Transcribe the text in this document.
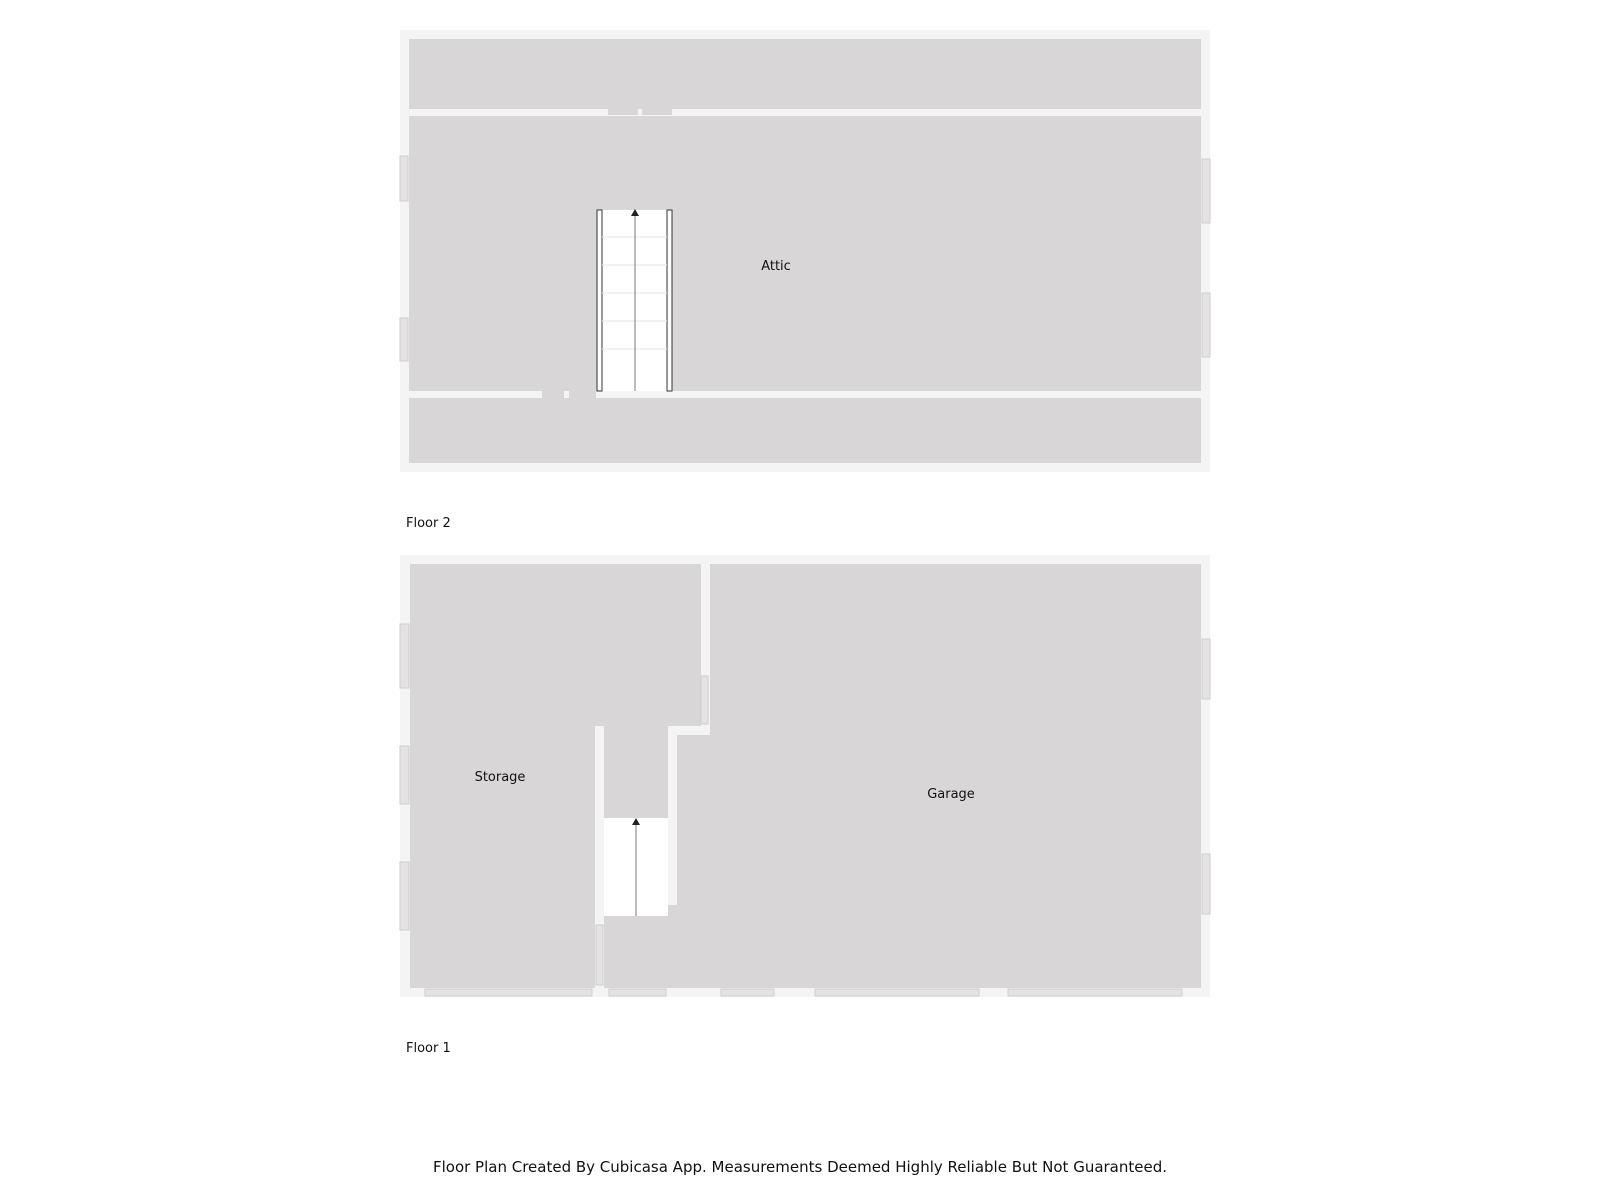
Attic
Floor 2
Storage
Garage
Floor 1
Floor Plan Created By Cubicasa App. Measurements Deemed Highly Reliable But Not Guaranteed.
